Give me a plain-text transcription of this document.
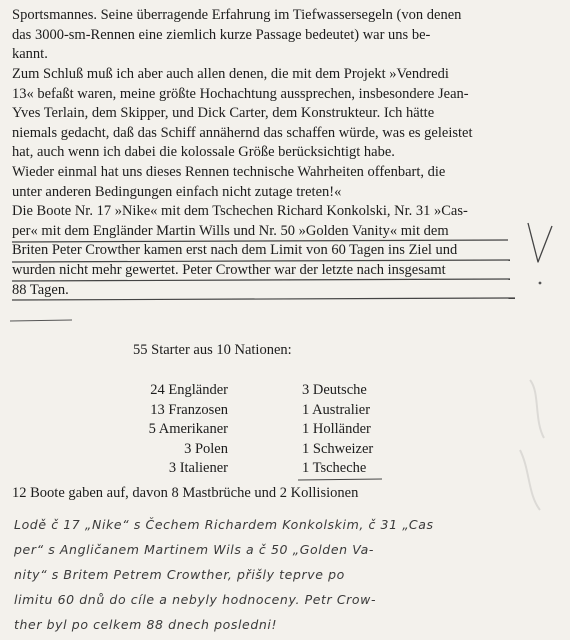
Sportsmannes. Seine überragende Erfahrung im Tiefwassersegeln (von denen
das 3000-sm-Rennen eine ziemlich kurze Passage bedeutet) war uns be-
kannt.
Zum Schluß muß ich aber auch allen denen, die mit dem Projekt »Vendredi
13« befaßt waren, meine größte Hochachtung aussprechen, insbesondere Jean-
Yves Terlain, dem Skipper, und Dick Carter, dem Konstrukteur. Ich hätte
niemals gedacht, daß das Schiff annähernd das schaffen würde, was es geleistet
hat, auch wenn ich dabei die kolossale Größe berücksichtigt habe.
Wieder einmal hat uns dieses Rennen technische Wahrheiten offenbart, die
unter anderen Bedingungen einfach nicht zutage treten!«
Die Boote Nr. 17 »Nike« mit dem Tschechen Richard Konkolski, Nr. 31 »Cas-
per« mit dem Engländer Martin Wills und Nr. 50 »Golden Vanity« mit dem
Briten Peter Crowther kamen erst nach dem Limit von 60 Tagen ins Ziel und
wurden nicht mehr gewertet. Peter Crowther war der letzte nach insgesamt
88 Tagen.
55 Starter aus 10 Nationen:
24 Engländer
13 Franzosen
5 Amerikaner
3 Polen
3 Italiener
3 Deutsche
1 Australier
1 Holländer
1 Schweizer
1 Tscheche
12 Boote gaben auf, davon 8 Mastbrüche und 2 Kollisionen
Lodě č 17 „Nike“ s Čechem Richardem Konkolskim, č 31 „Cas
per“ s Angličanem Martinem Wils a č 50 „Golden Va-
nity“ s Britem Petrem Crowther, přišly teprve po
limitu 60 dnů do cíle a nebyly hodnoceny. Petr Crow-
ther byl po celkem 88 dnech posledni!
